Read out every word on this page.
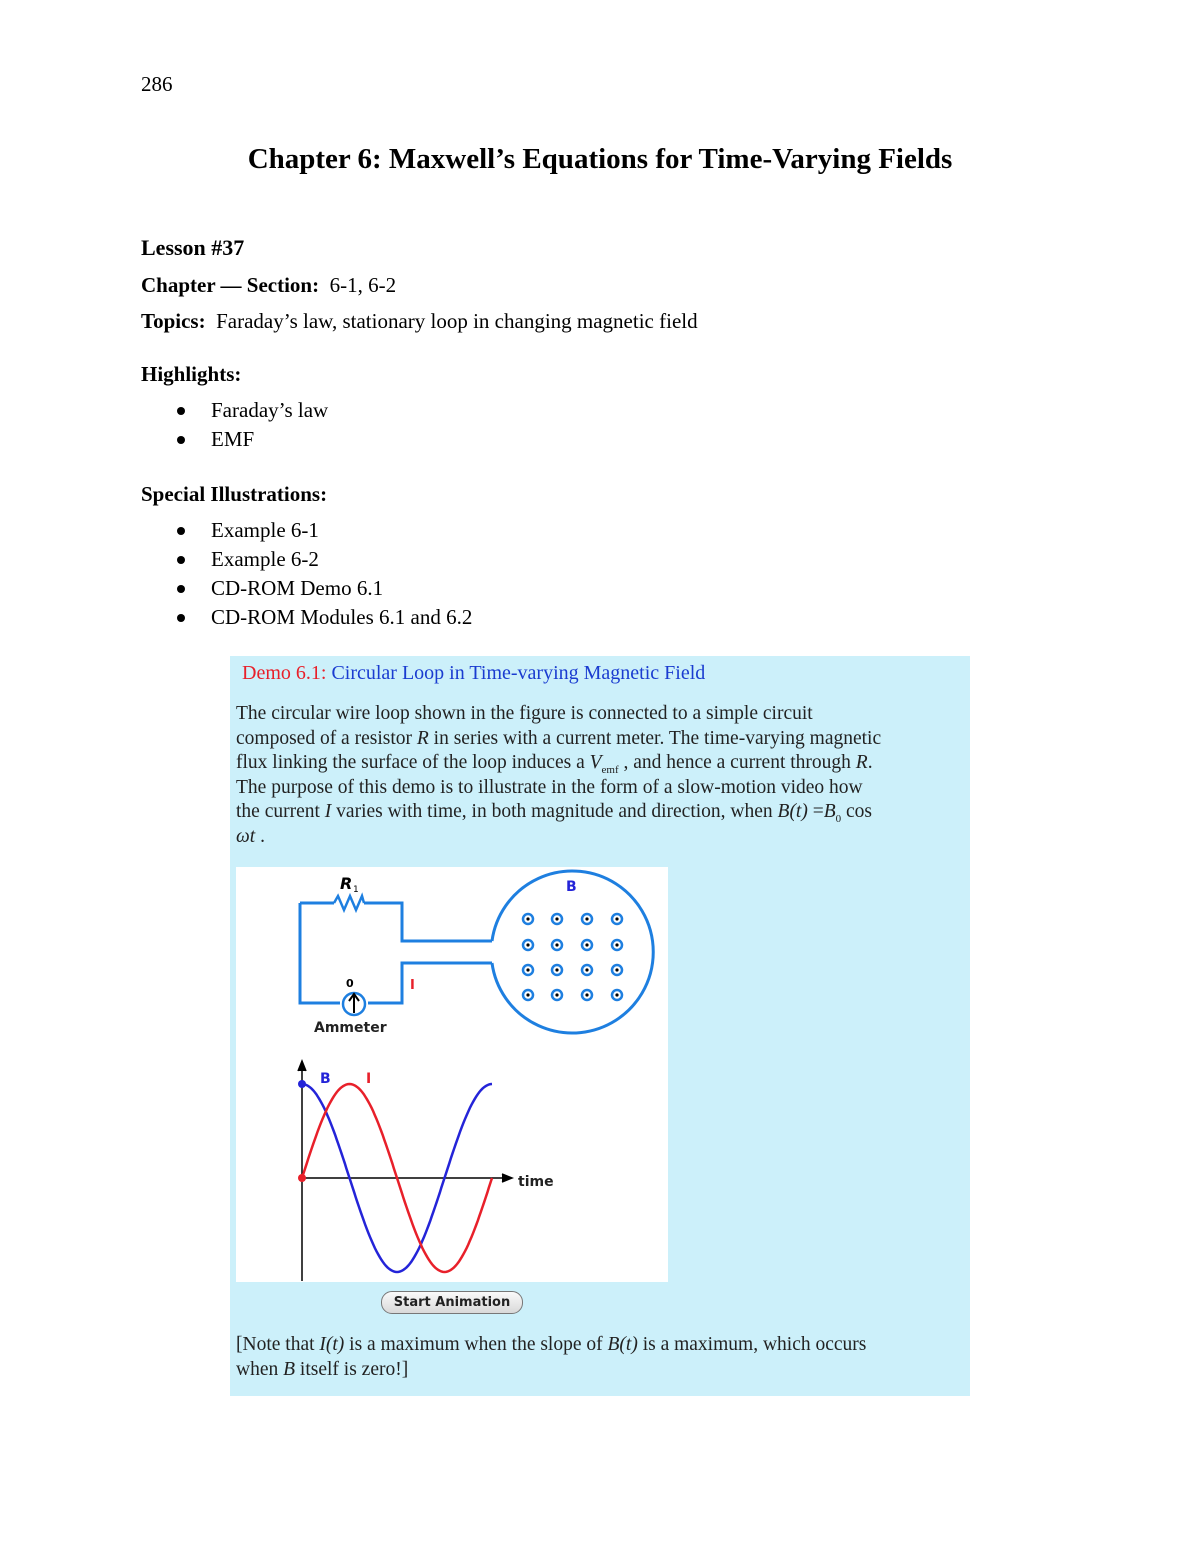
286
Chapter 6: Maxwell’s Equations for Time-Varying Fields
Lesson #37
Chapter — Section: 6-1, 6-2
Topics: Faraday’s law, stationary loop in changing magnetic field
Highlights:
Faraday’s law
EMF
Special Illustrations:
Example 6-1
Example 6-2
CD-ROM Demo 6.1
CD-ROM Modules 6.1 and 6.2
Demo 6.1: Circular Loop in Time-varying Magnetic Field
The circular wire loop shown in the figure is connected to a simple circuit
composed of a resistor R in series with a current meter. The time-varying magnetic
flux linking the surface of the loop induces a $V_{emf}$ , and hence a current through R.
The purpose of this demo is to illustrate in the form of a slow-motion video how
the current I varies with time, in both magnitude and direction, when $B(t) =B_0$ cos
ωt .
R 1	B
I
0
Ammeter
time
B	I
Start Animation
[Note that I(t) is a maximum when the slope of B(t) is a maximum, which occurs
when B itself is zero!]
